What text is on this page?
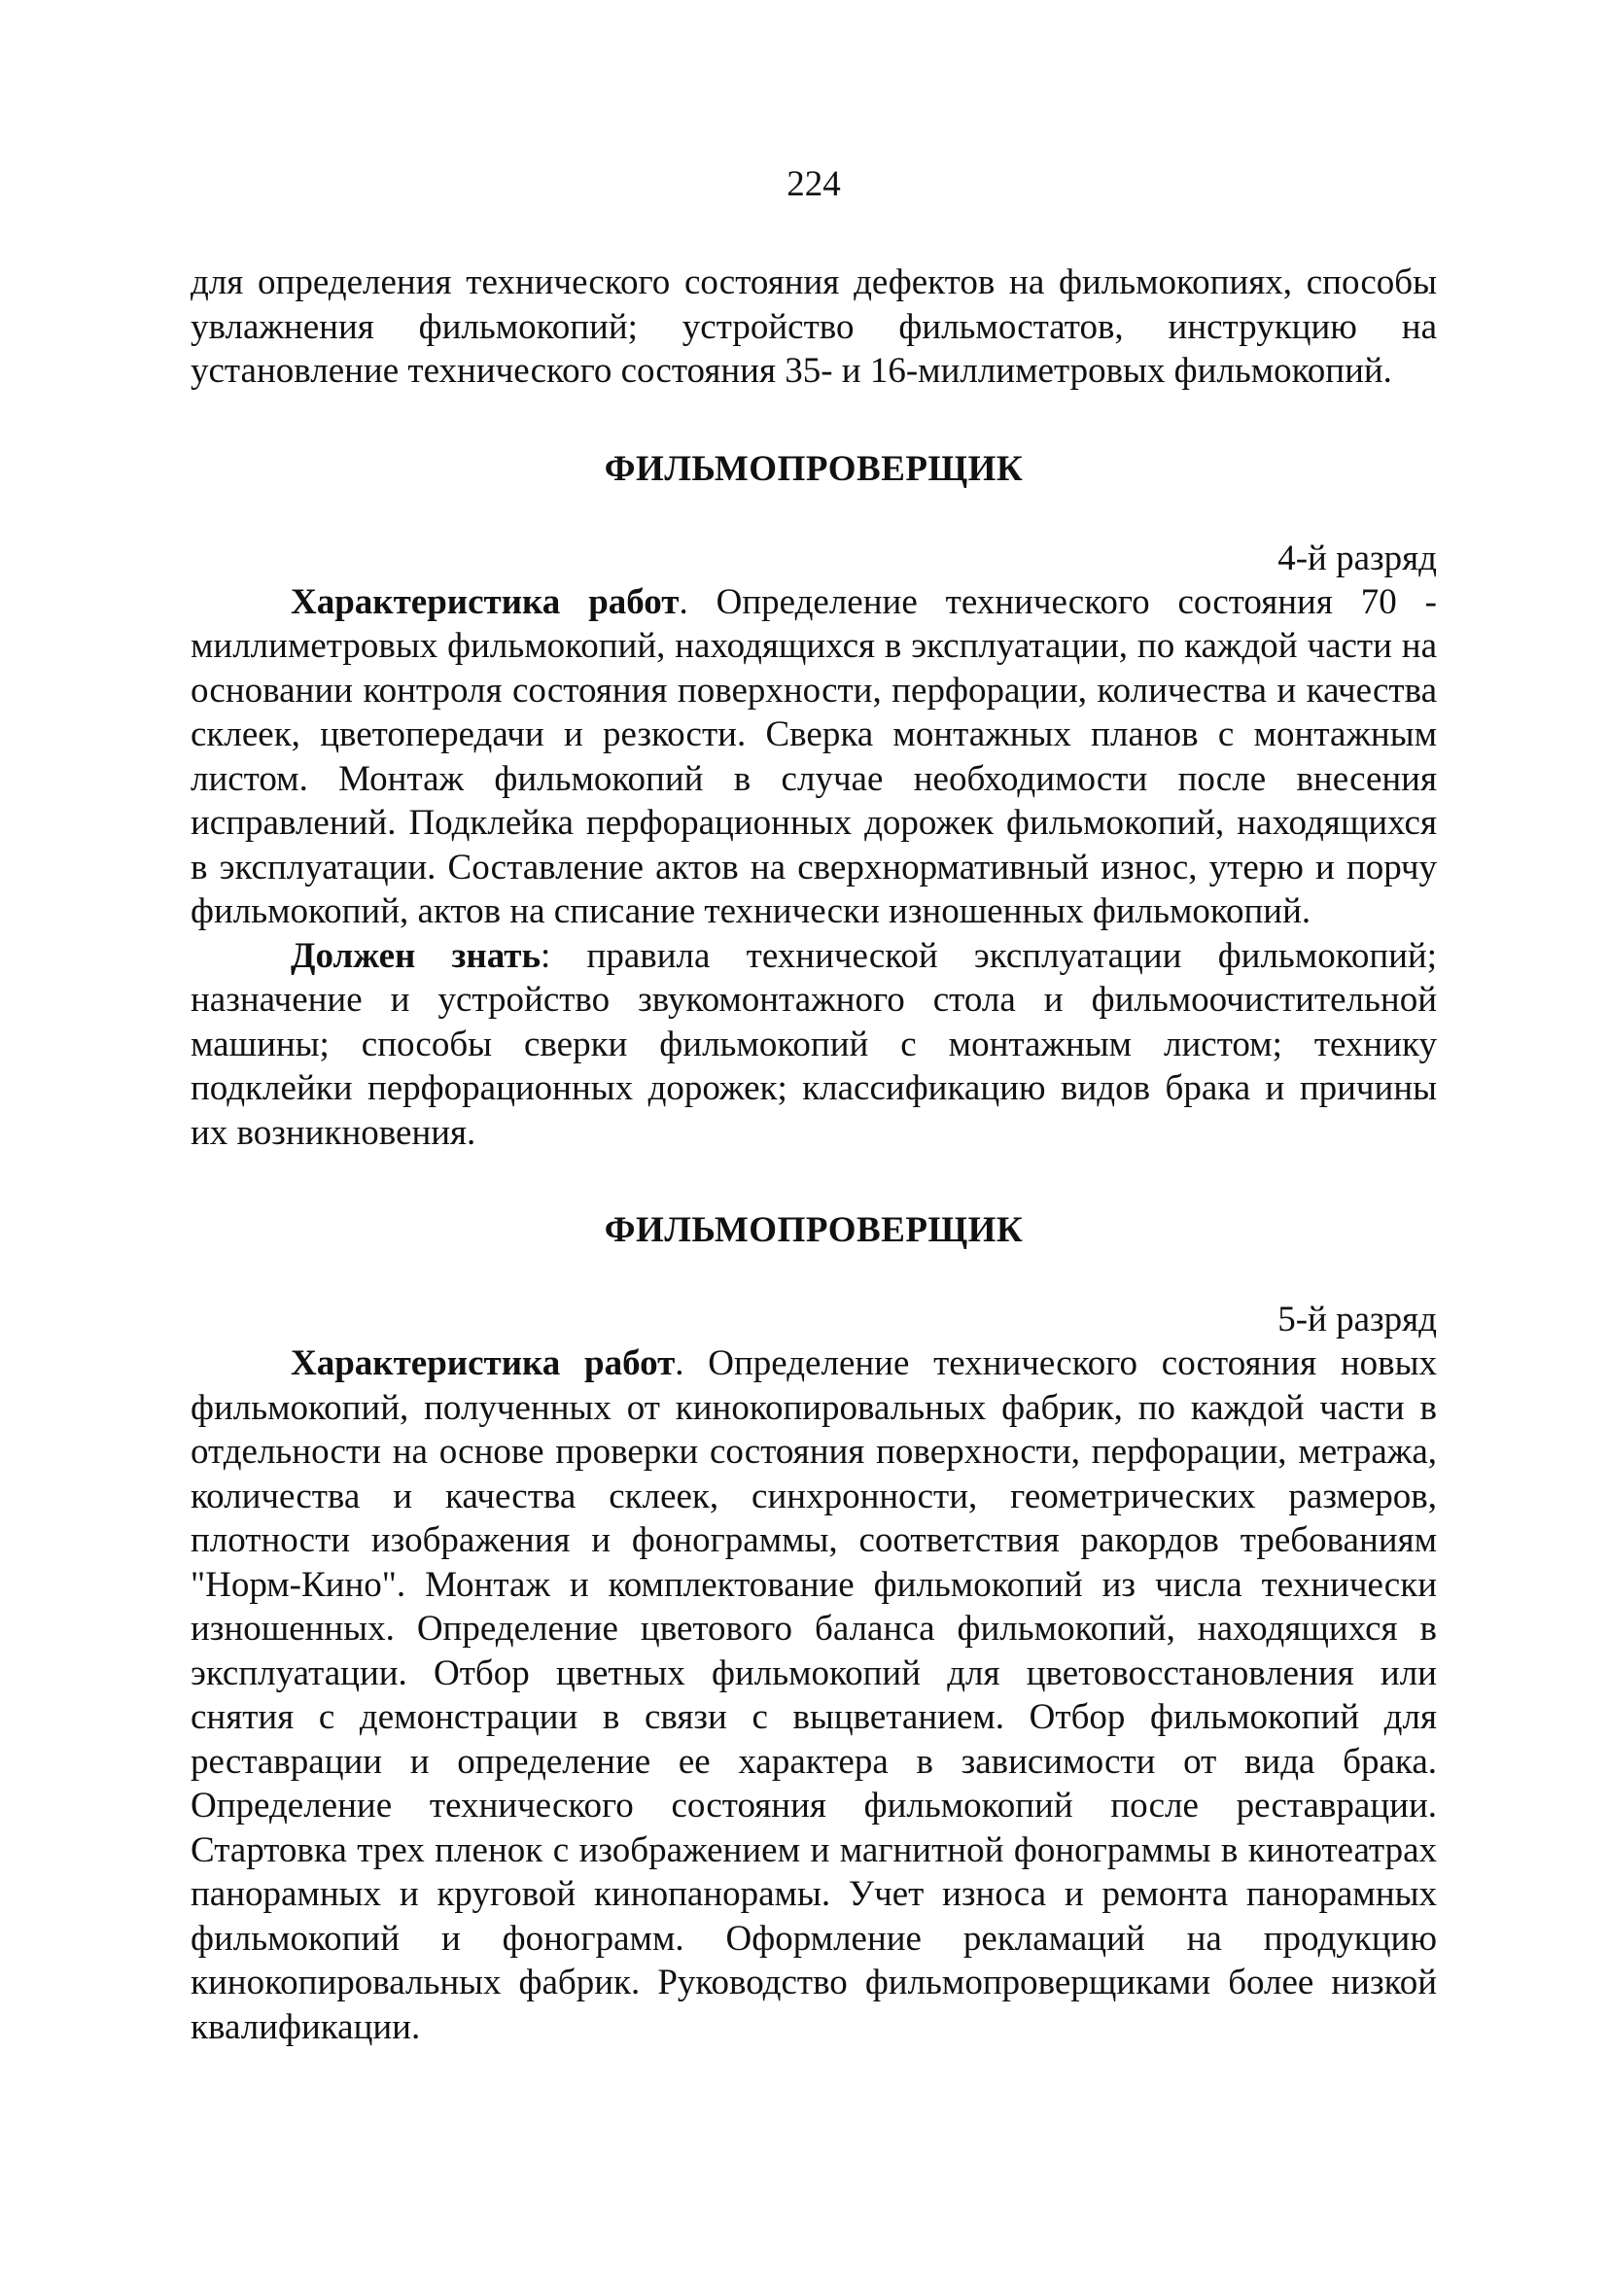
224

для определения технического состояния дефектов на фильмокопиях, способы увлажнения фильмокопий; устройство фильмостатов, инструкцию на установление технического состояния 35- и 16-миллиметровых фильмокопий.

ФИЛЬМОПРОВЕРЩИК
4-й разряд

Характеристика работ. Определение технического состояния 70 - миллиметровых фильмокопий, находящихся в эксплуатации, по каждой части на основании контроля состояния поверхности, перфорации, количества и качества склеек, цветопередачи и резкости. Сверка монтажных планов с монтажным листом. Монтаж фильмокопий в случае необходимости после внесения исправлений. Подклейка перфорационных дорожек фильмокопий, находящихся в эксплуатации. Составление актов на сверхнормативный износ, утерю и порчу фильмокопий, актов на списание технически изношенных фильмокопий.

Должен знать: правила технической эксплуатации фильмокопий; назначение и устройство звукомонтажного стола и фильмоочистительной машины; способы сверки фильмокопий с монтажным листом; технику подклейки перфорационных дорожек; классификацию видов брака и причины их возникновения.

ФИЛЬМОПРОВЕРЩИК
5-й разряд

Характеристика работ. Определение технического состояния новых фильмокопий, полученных от кинокопировальных фабрик, по каждой части в отдельности на основе проверки состояния поверхности, перфорации, метража, количества и качества склеек, синхронности, геометрических размеров, плотности изображения и фонограммы, соответствия ракордов требованиям "Норм-Кино". Монтаж и комплектование фильмокопий из числа технически изношенных. Определение цветового баланса фильмокопий, находящихся в эксплуатации. Отбор цветных фильмокопий для цветовосстановления или снятия с демонстрации в связи с выцветанием. Отбор фильмокопий для реставрации и определение ее характера в зависимости от вида брака. Определение технического состояния фильмокопий после реставрации. Стартовка трех пленок с изображением и магнитной фонограммы в кинотеатрах панорамных и круговой кинопанорамы. Учет износа и ремонта панорамных фильмокопий и фонограмм. Оформление рекламаций на продукцию кинокопировальных фабрик. Руководство фильмопроверщиками более низкой квалификации.
